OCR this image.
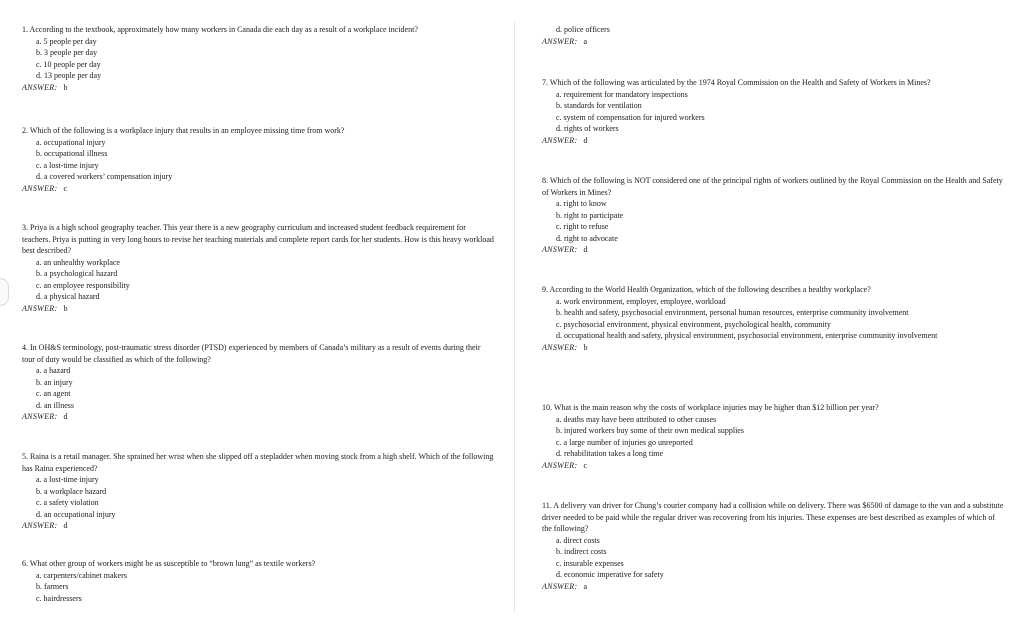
1. According to the textbook, approximately how many workers in Canada die each day as a result of a workplace incident?

a. 5 people per day
b. 3 people per day
c. 10 people per day
d. 13 people per day

ANSWER: b

2. Which of the following is a workplace injury that results in an employee missing time from work?

a. occupational injury
b. occupational illness
c. a lost-time injury
d. a covered workers’ compensation injury

ANSWER: c

3. Priya is a high school geography teacher. This year there is a new geography curriculum and increased student feedback requirement for teachers. Priya is putting in very long hours to revise her teaching materials and complete report cards for her students. How is this heavy workload best described?

a. an unhealthy workplace
b. a psychological hazard
c. an employee responsibility
d. a physical hazard

ANSWER: b

4. In OH&S terminology, post-traumatic stress disorder (PTSD) experienced by members of Canada’s military as a result of events during their tour of duty would be classified as which of the following?

a. a hazard
b. an injury
c. an agent
d. an illness

ANSWER: d

5. Raina is a retail manager. She sprained her wrist when she slipped off a stepladder when moving stock from a high shelf. Which of the following has Raina experienced?

a. a lost-time injury
b. a workplace hazard
c. a safety violation
d. an occupational injury

ANSWER: d

6. What other group of workers might be as susceptible to “brown lung” as textile workers?

a. carpenters/cabinet makers
b. farmers
c. hairdressers
d. police officers

ANSWER: a

7. Which of the following was articulated by the 1974 Royal Commission on the Health and Safety of Workers in Mines?

a. requirement for mandatory inspections
b. standards for ventilation
c. system of compensation for injured workers
d. rights of workers

ANSWER: d

8. Which of the following is NOT considered one of the principal rights of workers outlined by the Royal Commission on the Health and Safety of Workers in Mines?

a. right to know
b. right to participate
c. right to refuse
d. right to advocate

ANSWER: d

9. According to the World Health Organization, which of the following describes a healthy workplace?

a. work environment, employer, employee, workload
b. health and safety, psychosocial environment, personal human resources, enterprise community involvement
c. psychosocial environment, physical environment, psychological health, community
d. occupational health and safety, physical environment, psychosocial environment, enterprise community involvement

ANSWER: b

10. What is the main reason why the costs of workplace injuries may be higher than $12 billion per year?

a. deaths may have been attributed to other causes
b. injured workers buy some of their own medical supplies
c. a large number of injuries go unreported
d. rehabilitation takes a long time

ANSWER: c

11. A delivery van driver for Chung’s courier company had a collision while on delivery. There was $6500 of damage to the van and a substitute driver needed to be paid while the regular driver was recovering from his injuries. These expenses are best described as examples of which of the following?

a. direct costs
b. indirect costs
c. insurable expenses
d. economic imperative for safety

ANSWER: a
